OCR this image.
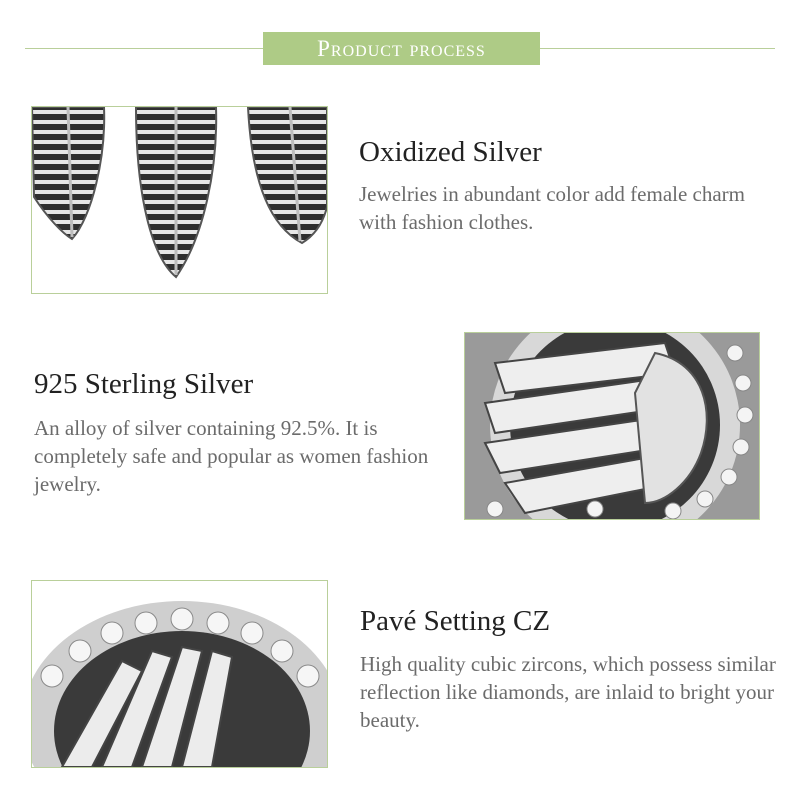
Product process
Oxidized Silver
Jewelries in abundant color add female charm with fashion clothes.
925 Sterling Silver
An alloy of silver containing 92.5%. It is completely safe and popular as women fashion jewelry.
Pavé Setting CZ
High quality cubic zircons, which possess similar reflection like diamonds, are inlaid to bright your beauty.
